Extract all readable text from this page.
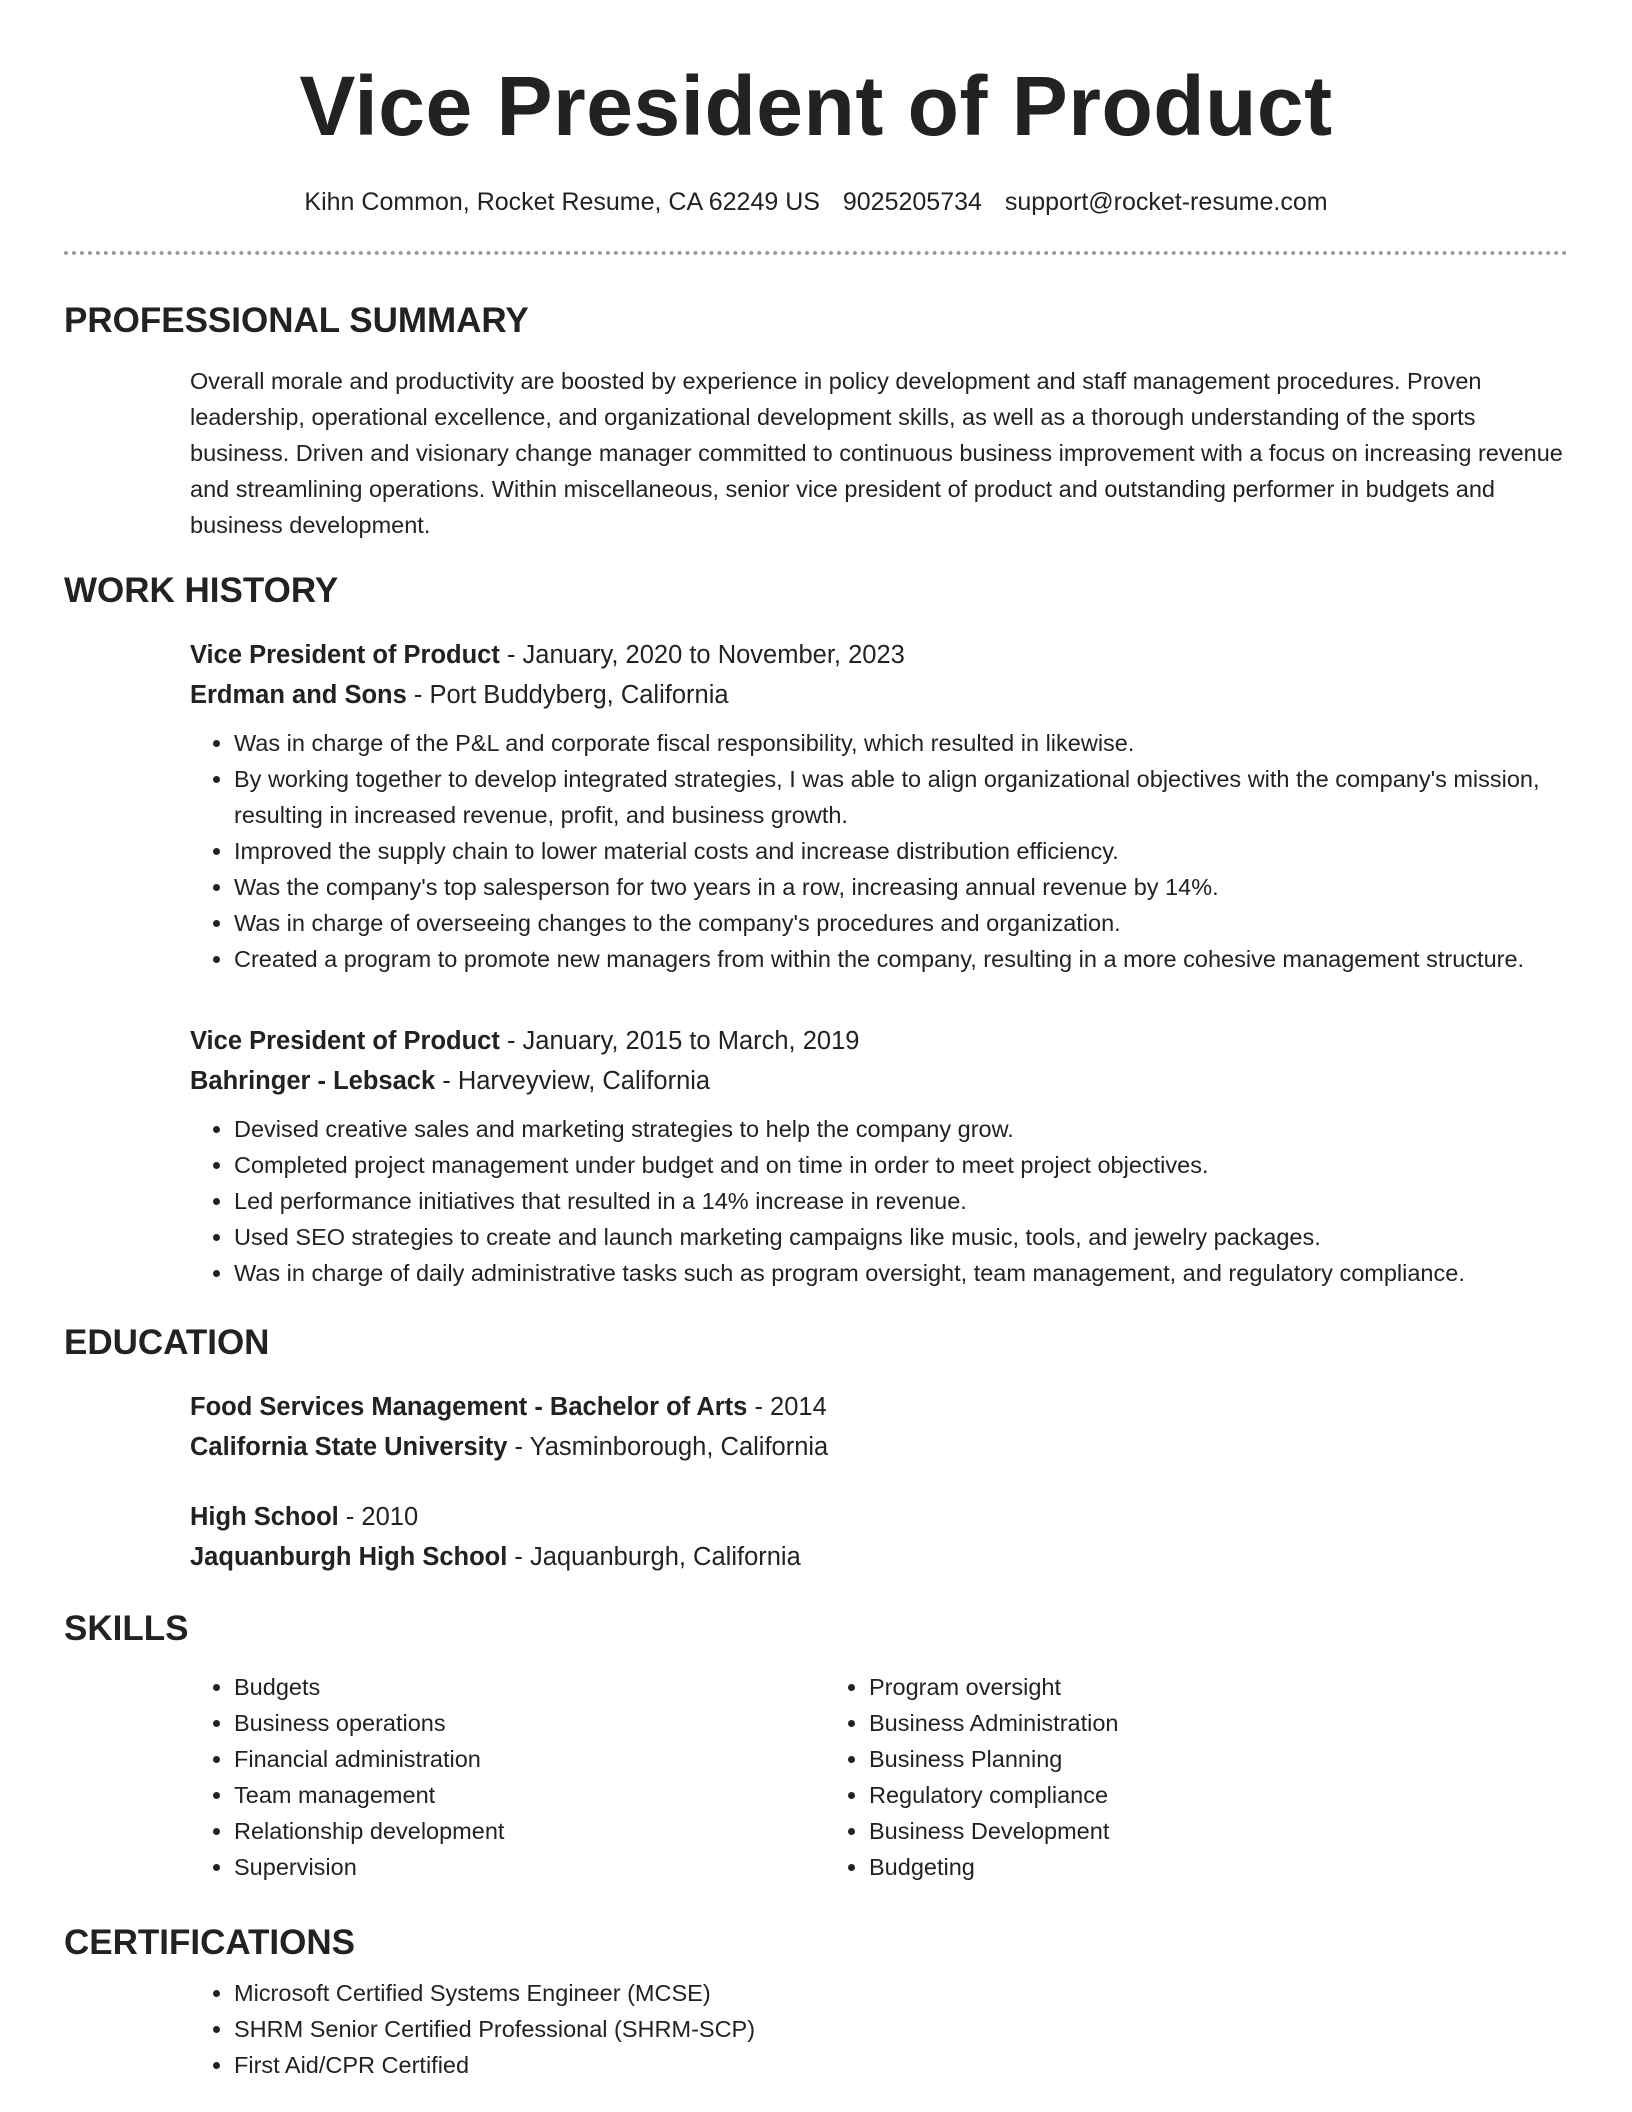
Vice President of Product
Kihn Common, Rocket Resume, CA 62249 US 9025205734 support@rocket-resume.com
PROFESSIONAL SUMMARY
Overall morale and productivity are boosted by experience in policy development and staff management procedures. Proven leadership, operational excellence, and organizational development skills, as well as a thorough understanding of the sports business. Driven and visionary change manager committed to continuous business improvement with a focus on increasing revenue and streamlining operations. Within miscellaneous, senior vice president of product and outstanding performer in budgets and business development.
WORK HISTORY
Vice President of Product - January, 2020 to November, 2023
Erdman and Sons - Port Buddyberg, California
• Was in charge of the P&L and corporate fiscal responsibility, which resulted in likewise.
• By working together to develop integrated strategies, I was able to align organizational objectives with the company's mission, resulting in increased revenue, profit, and business growth.
• Improved the supply chain to lower material costs and increase distribution efficiency.
• Was the company's top salesperson for two years in a row, increasing annual revenue by 14%.
• Was in charge of overseeing changes to the company's procedures and organization.
• Created a program to promote new managers from within the company, resulting in a more cohesive management structure.
Vice President of Product - January, 2015 to March, 2019
Bahringer - Lebsack - Harveyview, California
• Devised creative sales and marketing strategies to help the company grow.
• Completed project management under budget and on time in order to meet project objectives.
• Led performance initiatives that resulted in a 14% increase in revenue.
• Used SEO strategies to create and launch marketing campaigns like music, tools, and jewelry packages.
• Was in charge of daily administrative tasks such as program oversight, team management, and regulatory compliance.
EDUCATION
Food Services Management - Bachelor of Arts - 2014
California State University - Yasminborough, California
High School - 2010
Jaquanburgh High School - Jaquanburgh, California
SKILLS
• Budgets
• Business operations
• Financial administration
• Team management
• Relationship development
• Supervision
• Program oversight
• Business Administration
• Business Planning
• Regulatory compliance
• Business Development
• Budgeting
CERTIFICATIONS
• Microsoft Certified Systems Engineer (MCSE)
• SHRM Senior Certified Professional (SHRM-SCP)
• First Aid/CPR Certified
